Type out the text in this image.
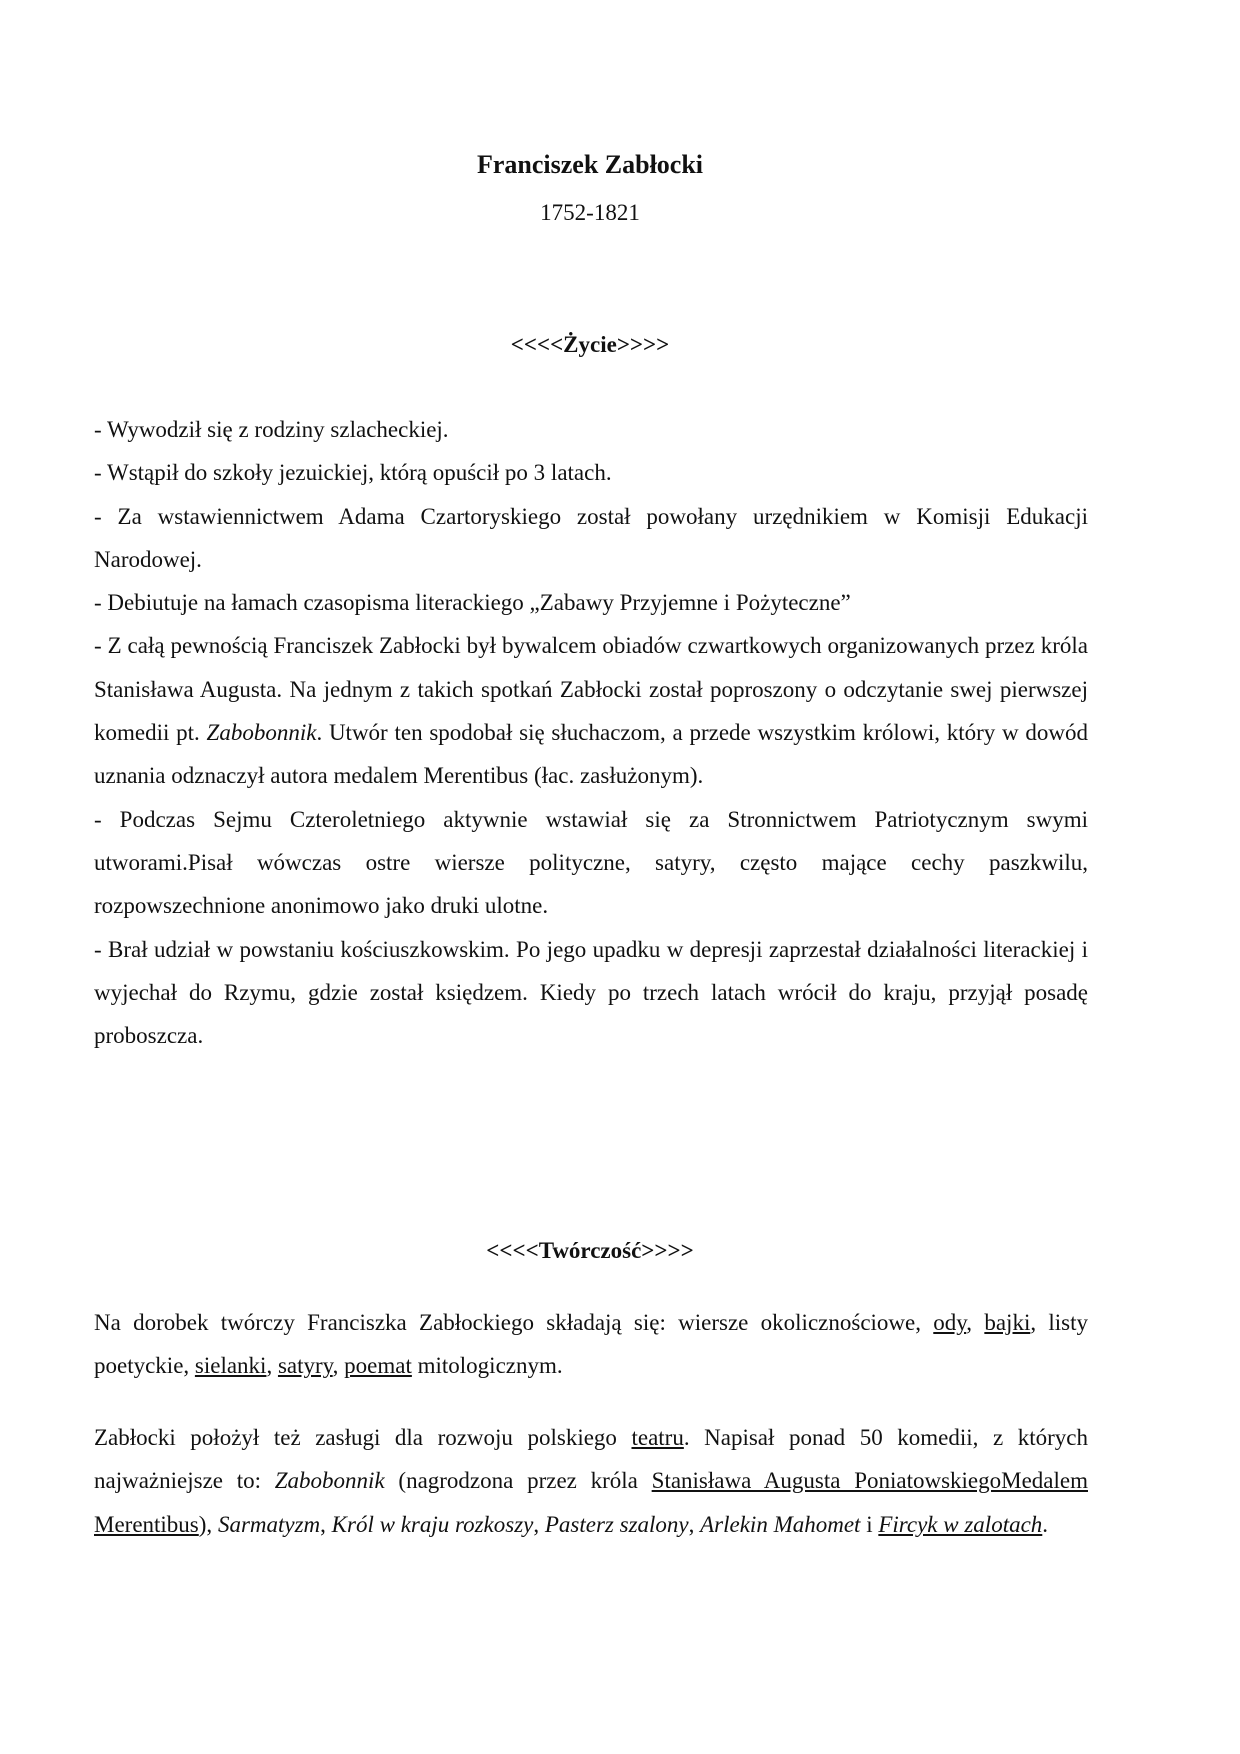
Franciszek Zabłocki
1752-1821
<<<<Życie>>>>

- Wywodził się z rodziny szlacheckiej.

- Wstąpił do szkoły jezuickiej, którą opuścił po 3 latach.

- Za wstawiennictwem Adama Czartoryskiego został powołany urzędnikiem w Komisji Edukacji Narodowej.

- Debiutuje na łamach czasopisma literackiego „Zabawy Przyjemne i Pożyteczne”

- Z całą pewnością Franciszek Zabłocki był bywalcem obiadów czwartkowych organizowanych przez króla Stanisława Augusta. Na jednym z takich spotkań Zabłocki został poproszony o odczytanie swej pierwszej komedii pt. Zabobonnik. Utwór ten spodobał się słuchaczom, a przede wszystkim królowi, który w dowód uznania odznaczył autora medalem Merentibus (łac. zasłużonym).

- Podczas Sejmu Czteroletniego aktywnie wstawiał się za Stronnictwem Patriotycznym swymi utworami.Pisał wówczas ostre wiersze polityczne, satyry, często mające cechy paszkwilu, rozpowszechnione anonimowo jako druki ulotne.

- Brał udział w powstaniu kościuszkowskim. Po jego upadku w depresji zaprzestał działalności literackiej i wyjechał do Rzymu, gdzie został księdzem. Kiedy po trzech latach wrócił do kraju, przyjął posadę proboszcza.

<<<<Twórczość>>>>

Na dorobek twórczy Franciszka Zabłockiego składają się: wiersze okolicznościowe, ody, bajki, listy poetyckie, sielanki, satyry, poemat mitologicznym.

Zabłocki położył też zasługi dla rozwoju polskiego teatru. Napisał ponad 50 komedii, z których najważniejsze to: Zabobonnik (nagrodzona przez króla Stanisława Augusta PoniatowskiegoMedalem Merentibus), Sarmatyzm, Król w kraju rozkoszy, Pasterz szalony, Arlekin Mahomet i Fircyk w zalotach.
